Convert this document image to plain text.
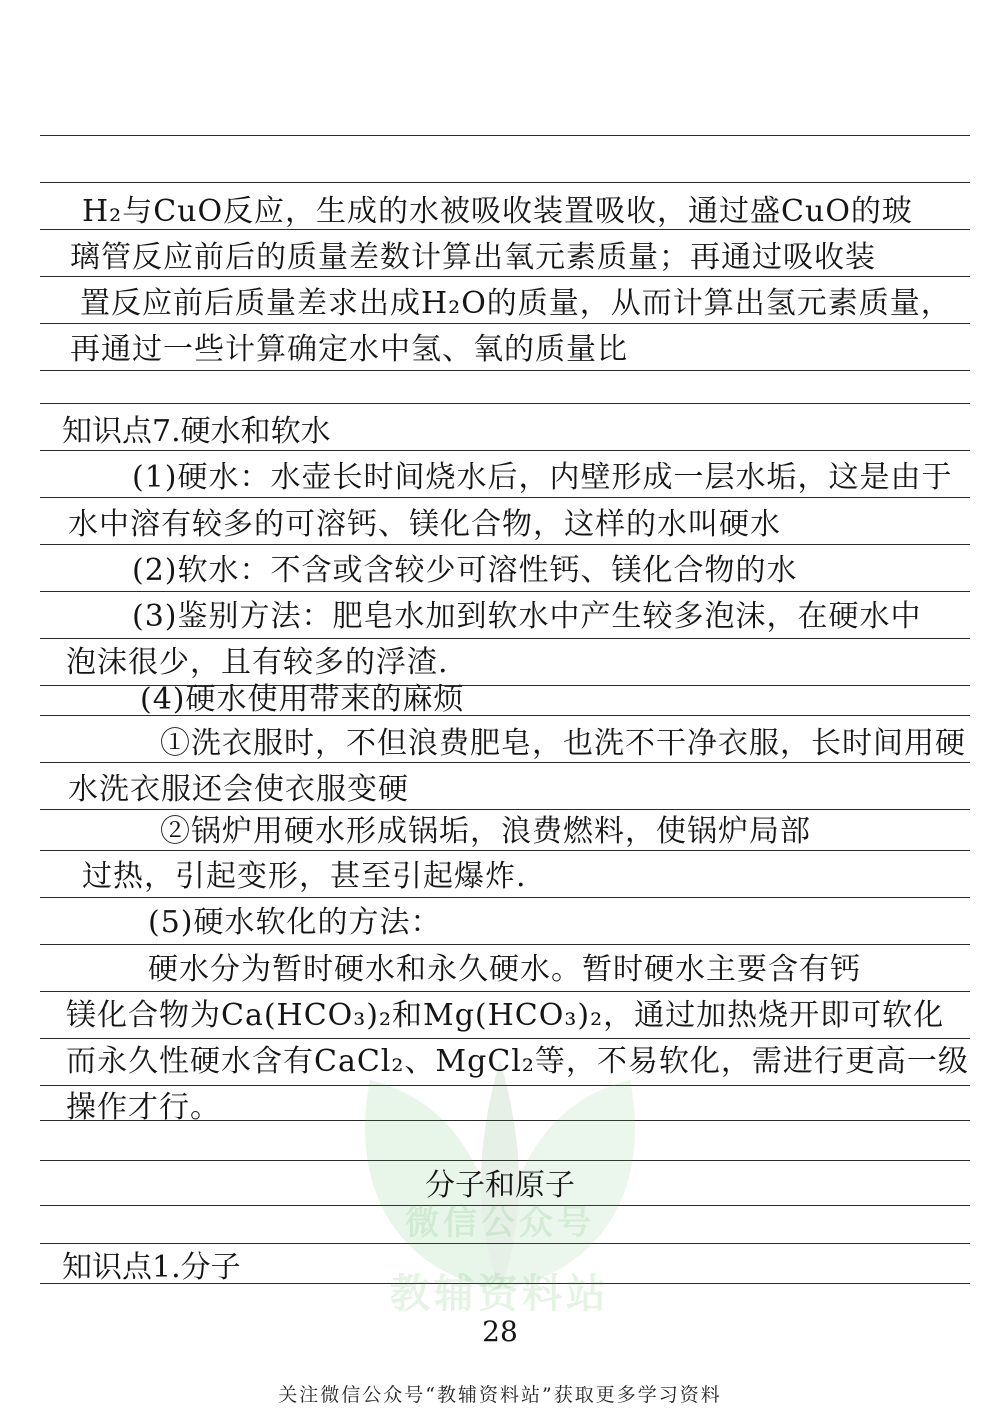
微信公众号
教辅资料站
H₂与CuO反应，生成的水被吸收装置吸收，通过盛CuO的玻
璃管反应前后的质量差数计算出氧元素质量；再通过吸收装
置反应前后质量差求出成H₂O的质量，从而计算出氢元素质量，
再通过一些计算确定水中氢、氧的质量比
知识点7.硬水和软水
(1)硬水：水壶长时间烧水后，内壁形成一层水垢，这是由于
水中溶有较多的可溶钙、镁化合物，这样的水叫硬水
(2)软水：不含或含较少可溶性钙、镁化合物的水
(3)鉴别方法：肥皂水加到软水中产生较多泡沫，在硬水中
泡沫很少，且有较多的浮渣.
(4)硬水使用带来的麻烦
①洗衣服时，不但浪费肥皂，也洗不干净衣服，长时间用硬
水洗衣服还会使衣服变硬
②锅炉用硬水形成锅垢，浪费燃料，使锅炉局部
过热，引起变形，甚至引起爆炸.
(5)硬水软化的方法：
硬水分为暂时硬水和永久硬水。暂时硬水主要含有钙
镁化合物为Ca(HCO₃)₂和Mg(HCO₃)₂，通过加热烧开即可软化
而永久性硬水含有CaCl₂、MgCl₂等，不易软化，需进行更高一级
操作才行。
分子和原子
知识点1.分子
28
关注微信公众号“教辅资料站”获取更多学习资料
